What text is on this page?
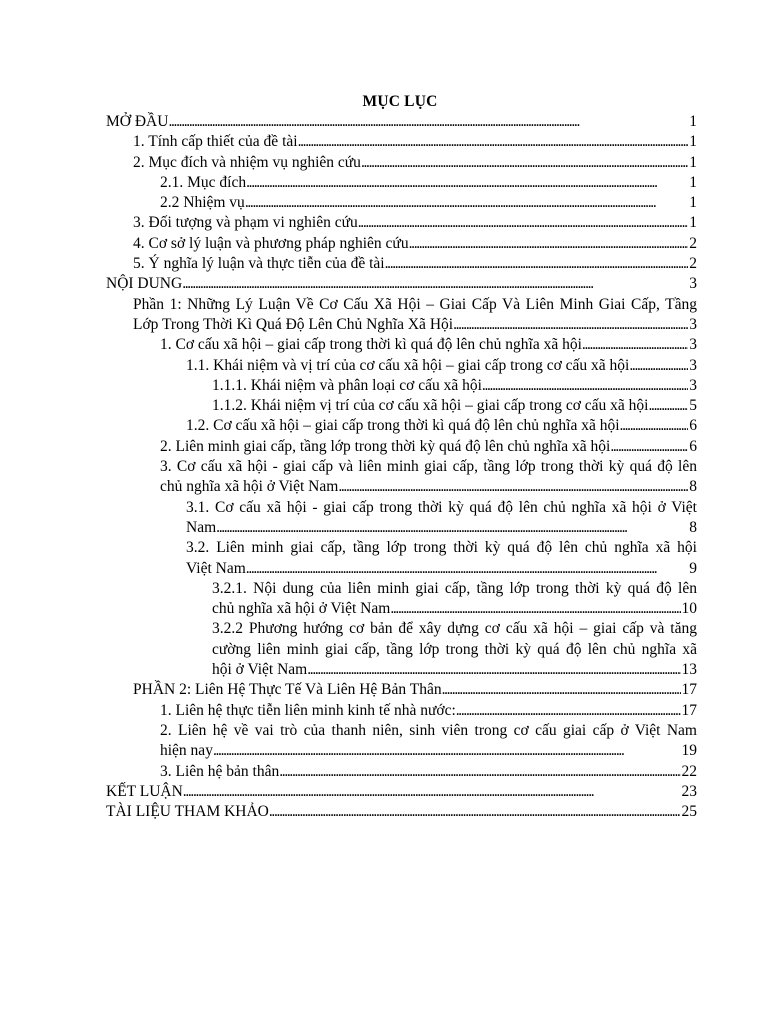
MỤC LỤC
MỞ ĐẦU . . .	1
1. Tính cấp thiết của đề tài . . .	1
2. Mục đích và nhiệm vụ nghiên cứu . . .	1
2.1. Mục đích . . .	1
2.2 Nhiệm vụ . . .	1
3. Đối tượng và phạm vi nghiên cứu . . .	1
4. Cơ sở lý luận và phương pháp nghiên cứu . . .	2
5. Ý nghĩa lý luận và thực tiễn của đề tài . . .	2
NỘI DUNG . . .	3
Phần 1: Những Lý Luận Về Cơ Cấu Xã Hội – Giai Cấp Và Liên Minh Giai Cấp, Tầng
Lớp Trong Thời Kì Quá Độ Lên Chủ Nghĩa Xã Hội . . .	3
1. Cơ cấu xã hội – giai cấp trong thời kì quá độ lên chủ nghĩa xã hội . . .	3
1.1. Khái niệm và vị trí của cơ cấu xã hội – giai cấp trong cơ cấu xã hội . . .	3
1.1.1. Khái niệm và phân loại cơ cấu xã hội . . .	3
1.1.2. Khái niệm vị trí của cơ cấu xã hội – giai cấp trong cơ cấu xã hội . . .	5
1.2. Cơ cấu xã hội – giai cấp trong thời kì quá độ lên chủ nghĩa xã hội . . .	6
2. Liên minh giai cấp, tầng lớp trong thời kỳ quá độ lên chủ nghĩa xã hội . . .	6
3. Cơ cấu xã hội - giai cấp và liên minh giai cấp, tầng lớp trong thời kỳ quá độ lên
chủ nghĩa xã hội ở Việt Nam . . .	8
3.1. Cơ cấu xã hội - giai cấp trong thời kỳ quá độ lên chủ nghĩa xã hội ở Việt
Nam . . .	8
3.2. Liên minh giai cấp, tầng lớp trong thời kỳ quá độ lên chủ nghĩa xã hội
Việt Nam . . .	9
3.2.1. Nội dung của liên minh giai cấp, tầng lớp trong thời kỳ quá độ lên
chủ nghĩa xã hội ở Việt Nam . . .	10
3.2.2 Phương hướng cơ bản để xây dựng cơ cấu xã hội – giai cấp và tăng
cường liên minh giai cấp, tầng lớp trong thời kỳ quá độ lên chủ nghĩa xã
hội ở Việt Nam . . .	13
PHẦN 2: Liên Hệ Thực Tế Và Liên Hệ Bản Thân . . .	17
1. Liên hệ thực tiễn liên minh kinh tế nhà nước: . . .	17
2. Liên hệ về vai trò của thanh niên, sinh viên trong cơ cấu giai cấp ở Việt Nam
hiện nay . . .	19
3. Liên hệ bản thân . . .	22
KẾT LUẬN . . .	23
TÀI LIỆU THAM KHẢO . . .	25
